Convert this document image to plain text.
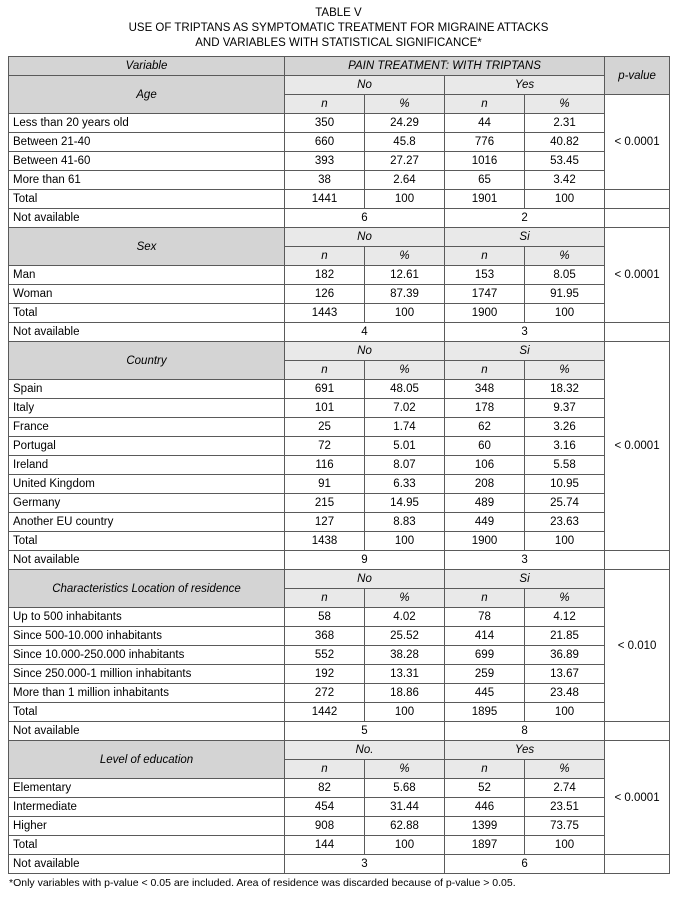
TABLE V
USE OF TRIPTANS AS SYMPTOMATIC TREATMENT FOR MIGRAINE ATTACKS
AND VARIABLES WITH STATISTICAL SIGNIFICANCE*
Variable	PAIN TREATMENT: WITH TRIPTANS				p-value
Age	No		Yes		
	n	%	n	%	< 0.0001
Less than 20 years old	350	24.29	44	2.31	
Between 21-40	660	45.8	776	40.82	
Between 41-60	393	27.27	1016	53.45	
More than 61	38	2.64	65	3.42	
Total	1441	100	1901	100	
Not available	6		2		
Sex	No		Si		< 0.0001
	n	%	n	%	
Man	182	12.61	153	8.05	
Woman	126	87.39	1747	91.95	
Total	1443	100	1900	100	
Not available	4		3		
Country	No		Si		< 0.0001
	n	%	n	%	
Spain	691	48.05	348	18.32	
Italy	101	7.02	178	9.37	
France	25	1.74	62	3.26	
Portugal	72	5.01	60	3.16	
Ireland	116	8.07	106	5.58	
United Kingdom	91	6.33	208	10.95	
Germany	215	14.95	489	25.74	
Another EU country	127	8.83	449	23.63	
Total	1438	100	1900	100	
Not available	9		3		
Characteristics Location of residence	No		Si		< 0.010
	n	%	n	%	
Up to 500 inhabitants	58	4.02	78	4.12	
Since 500-10.000 inhabitants	368	25.52	414	21.85	
Since 10.000-250.000 inhabitants	552	38.28	699	36.89	
Since 250.000-1 million inhabitants	192	13.31	259	13.67	
More than 1 million inhabitants	272	18.86	445	23.48	
Total	1442	100	1895	100	
Not available	5		8		
Level of education	No.		Yes		< 0.0001
	n	%	n	%	
Elementary	82	5.68	52	2.74	
Intermediate	454	31.44	446	23.51	
Higher	908	62.88	1399	73.75	
Total	144	100	1897	100	
Not available	3		6		
*Only variables with p-value < 0.05 are included. Area of residence was discarded because of p-value > 0.05.
